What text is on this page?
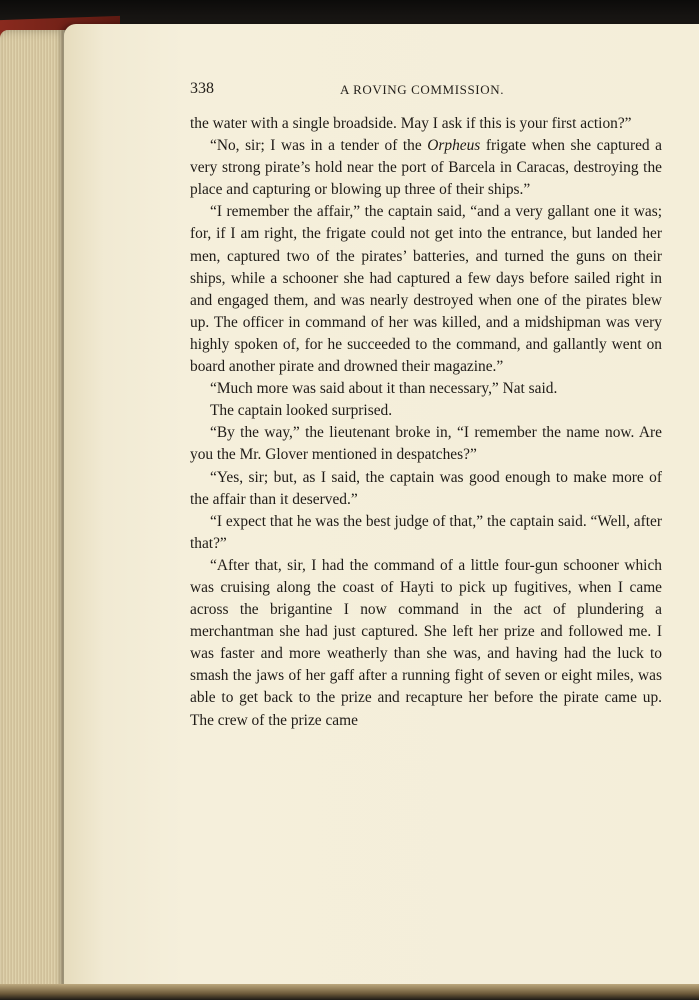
338	A ROVING COMMISSION.

the water with a single broadside. May I ask if this is your first action?”

“No, sir; I was in a tender of the Orpheus frigate when she captured a very strong pirate’s hold near the port of Barcela in Caracas, destroying the place and capturing or blowing up three of their ships.”

“I remember the affair,” the captain said, “and a very gallant one it was; for, if I am right, the frigate could not get into the entrance, but landed her men, captured two of the pirates’ batteries, and turned the guns on their ships, while a schooner she had captured a few days before sailed right in and engaged them, and was nearly destroyed when one of the pirates blew up. The officer in command of her was killed, and a midshipman was very highly spoken of, for he succeeded to the command, and gallantly went on board another pirate and drowned their magazine.”

“Much more was said about it than necessary,” Nat said.

The captain looked surprised.

“By the way,” the lieutenant broke in, “I remember the name now. Are you the Mr. Glover mentioned in despatches?”

“Yes, sir; but, as I said, the captain was good enough to make more of the affair than it deserved.”

“I expect that he was the best judge of that,” the captain said. “Well, after that?”

“After that, sir, I had the command of a little four-gun schooner which was cruising along the coast of Hayti to pick up fugitives, when I came across the brigantine I now command in the act of plundering a merchantman she had just captured. She left her prize and followed me. I was faster and more weatherly than she was, and having had the luck to smash the jaws of her gaff after a running fight of seven or eight miles, was able to get back to the prize and recapture her before the pirate came up. The crew of the prize came
